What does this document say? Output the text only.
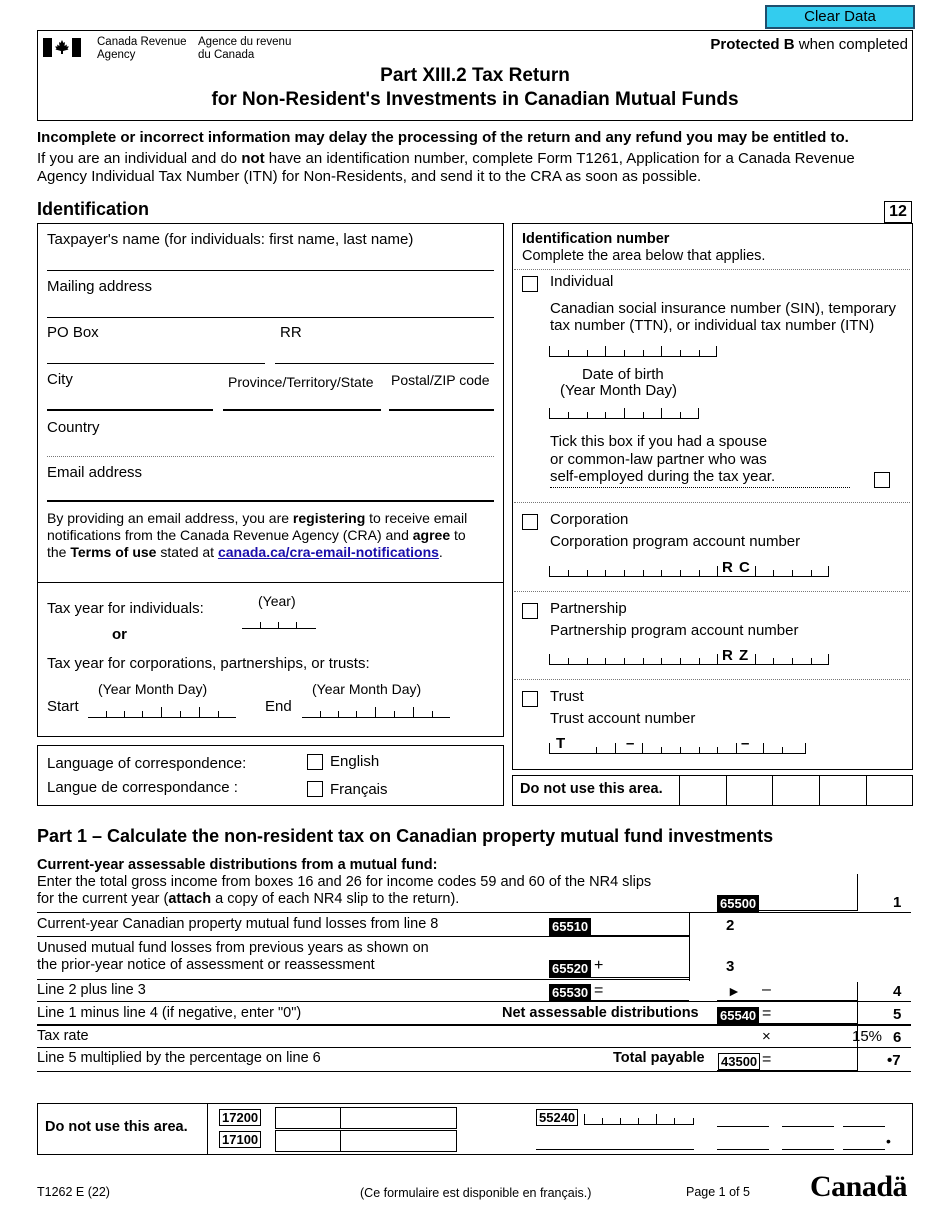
Clear Data
Canada Revenue
Agency
Agence du revenu
du Canada
Protected B when completed
Part XIII.2 Tax Return
for Non-Resident's Investments in Canadian Mutual Funds
Incomplete or incorrect information may delay the processing of the return and any refund you may be entitled to.
If you are an individual and do not have an identification number, complete Form T1261, Application for a Canada Revenue
Agency Individual Tax Number (ITN) for Non-Residents, and send it to the CRA as soon as possible.
Identification	12
Taxpayer's name (for individuals: first name, last name)
Mailing address
PO Box	RR
City	Province/Territory/State Postal/ZIP code
Country
Email address
By providing an email address, you are registering to receive email
notifications from the Canada Revenue Agency (CRA) and agree to
the Terms of use stated at canada.ca/cra-email-notifications.
Tax year for individuals:	(Year)
or
Tax year for corporations, partnerships, or trusts:
(Year Month Day)	(Year Month Day)
Start	End
Language of correspondence:
Langue de correspondance :
English
Français
Identification number
Complete the area below that applies.
Individual
Canadian social insurance number (SIN), temporary
tax number (TTN), or individual tax number (ITN)
Date of birth
(Year Month Day)
Tick this box if you had a spouse
or common-law partner who was
self-employed during the tax year.
Corporation
Corporation program account number
R C
Partnership
Partnership program account number
R Z
Trust
Trust account number
T	–	–
Do not use this area.
Part 1 – Calculate the non-resident tax on Canadian property mutual fund investments
Current-year assessable distributions from a mutual fund:
Enter the total gross income from boxes 16 and 26 for income codes 59 and 60 of the NR4 slips
for the current year (attach a copy of each NR4 slip to the return).	65500	1
Current-year Canadian property mutual fund losses from line 8	65510	2
Unused mutual fund losses from previous years as shown on
the prior-year notice of assessment or reassessment	65520 +	3
Line 2 plus line 3	65530 =	► –	4
Line 1 minus line 4 (if negative, enter "0")	Net assessable distributions 65540 =	5
Tax rate	×	15% 6
Line 5 multiplied by the percentage on line 6	Total payable 43500 =	•7
Do not use this area.
17200
17100
55240
•
T1262 E (22)	(Ce formulaire est disponible en français.)	Page 1 of 5 Canadä
